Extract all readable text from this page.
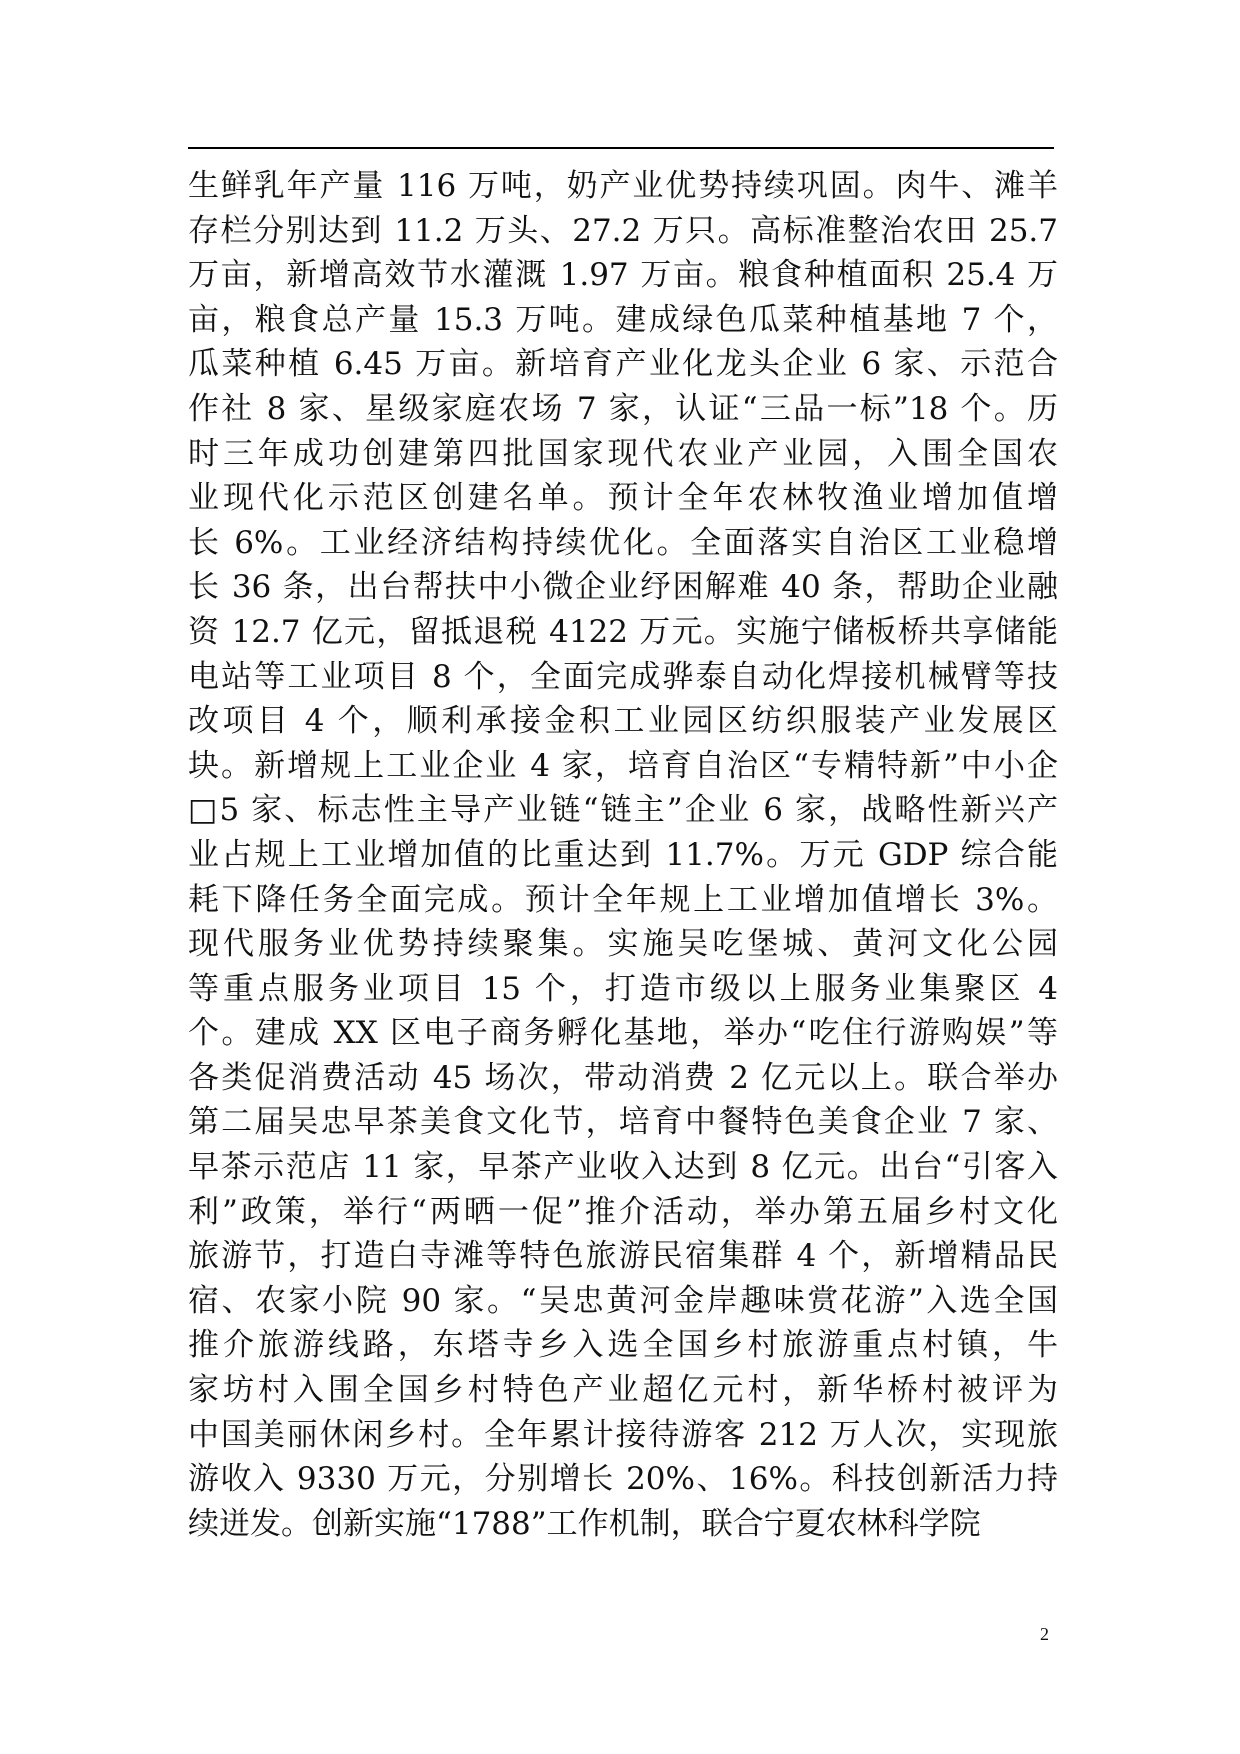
生鲜乳年产量 116 万吨，奶产业优势持续巩固。肉牛、滩羊
存栏分别达到 11.2 万头、27.2 万只。高标准整治农田 25.7
万亩，新增高效节水灌溉 1.97 万亩。粮食种植面积 25.4 万
亩，粮食总产量 15.3 万吨。建成绿色瓜菜种植基地 7 个，
瓜菜种植 6.45 万亩。新培育产业化龙头企业 6 家、示范合
作社 8 家、星级家庭农场 7 家，认证“三品一标”18 个。历
时三年成功创建第四批国家现代农业产业园，入围全国农
业现代化示范区创建名单。预计全年农林牧渔业增加值增
长 6%。工业经济结构持续优化。全面落实自治区工业稳增
长 36 条，出台帮扶中小微企业纾困解难 40 条，帮助企业融
资 12.7 亿元，留抵退税 4122 万元。实施宁储板桥共享储能
电站等工业项目 8 个，全面完成骅泰自动化焊接机械臂等技
改项目 4 个，顺利承接金积工业园区纺织服装产业发展区
块。新增规上工业企业 4 家，培育自治区“专精特新”中小企
□5 家、标志性主导产业链“链主”企业 6 家，战略性新兴产
业占规上工业增加值的比重达到 11.7%。万元 GDP 综合能
耗下降任务全面完成。预计全年规上工业增加值增长 3%。
现代服务业优势持续聚集。实施吴吃堡城、黄河文化公园
等重点服务业项目 15 个，打造市级以上服务业集聚区 4
个。建成 XX 区电子商务孵化基地，举办“吃住行游购娱”等
各类促消费活动 45 场次，带动消费 2 亿元以上。联合举办
第二届吴忠早茶美食文化节，培育中餐特色美食企业 7 家、
早茶示范店 11 家，早茶产业收入达到 8 亿元。出台“引客入
利”政策，举行“两晒一促”推介活动，举办第五届乡村文化
旅游节，打造白寺滩等特色旅游民宿集群 4 个，新增精品民
宿、农家小院 90 家。“吴忠黄河金岸趣味赏花游”入选全国
推介旅游线路，东塔寺乡入选全国乡村旅游重点村镇，牛
家坊村入围全国乡村特色产业超亿元村，新华桥村被评为
中国美丽休闲乡村。全年累计接待游客 212 万人次，实现旅
游收入 9330 万元，分别增长 20%、16%。科技创新活力持
续迸发。创新实施“1788”工作机制，联合宁夏农林科学院
2
